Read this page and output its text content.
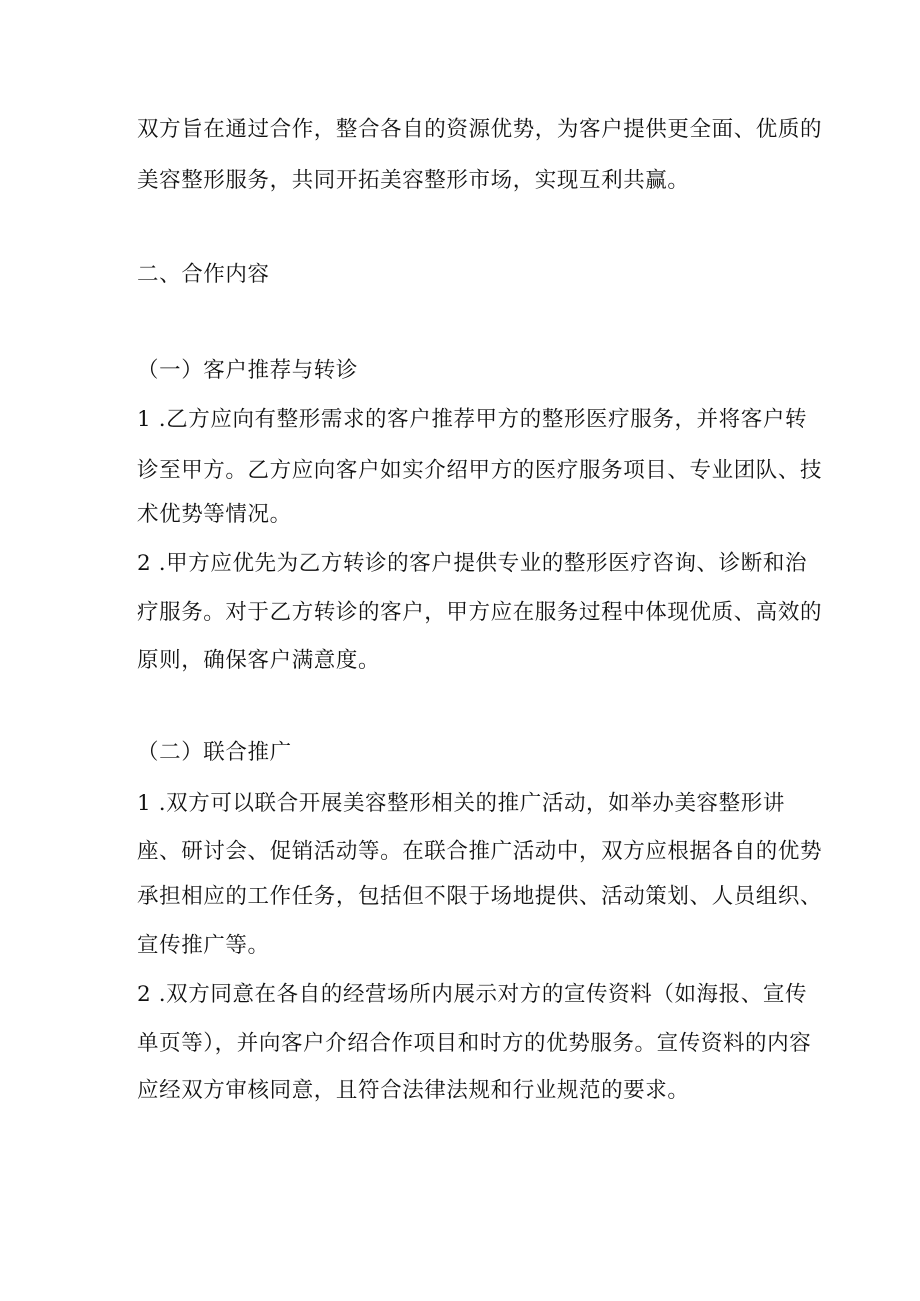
双方旨在通过合作，整合各自的资源优势，为客户提供更全面、优质的
美容整形服务，共同开拓美容整形市场，实现互利共赢。
二、合作内容
（一）客户推荐与转诊
1 .乙方应向有整形需求的客户推荐甲方的整形医疗服务，并将客户转
诊至甲方。乙方应向客户如实介绍甲方的医疗服务项目、专业团队、技
术优势等情况。
2 .甲方应优先为乙方转诊的客户提供专业的整形医疗咨询、诊断和治
疗服务。对于乙方转诊的客户，甲方应在服务过程中体现优质、高效的
原则，确保客户满意度。
（二）联合推广
1 .双方可以联合开展美容整形相关的推广活动，如举办美容整形讲
座、研讨会、促销活动等。在联合推广活动中，双方应根据各自的优势
承担相应的工作任务，包括但不限于场地提供、活动策划、人员组织、
宣传推广等。
2 .双方同意在各自的经营场所内展示对方的宣传资料（如海报、宣传
单页等），并向客户介绍合作项目和时方的优势服务。宣传资料的内容
应经双方审核同意，且符合法律法规和行业规范的要求。
